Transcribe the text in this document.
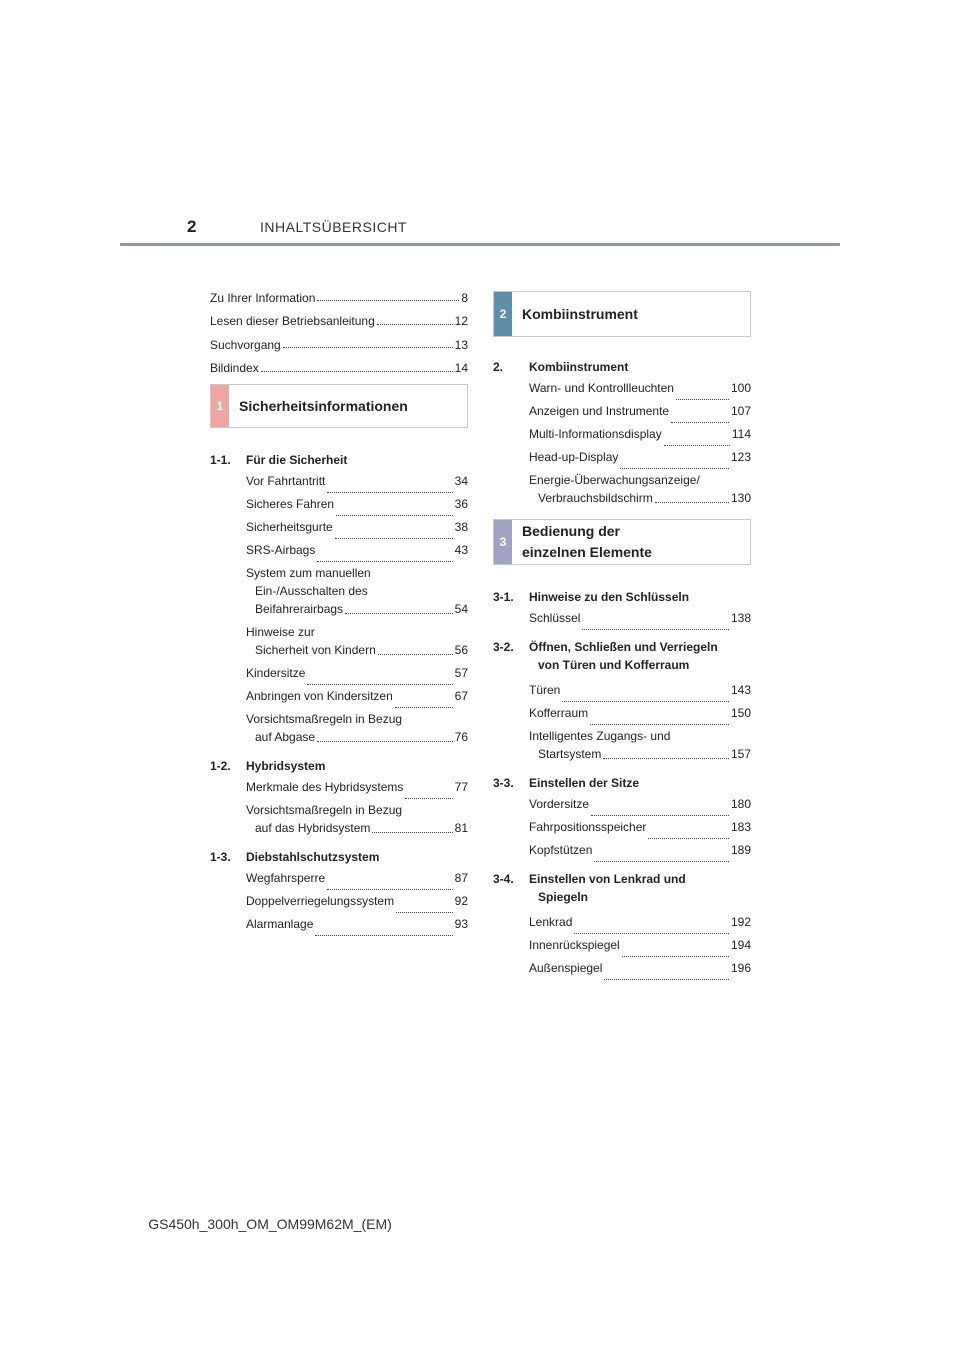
2	INHALTSÜBERSICHT
Zu Ihrer Information	8
Lesen dieser Betriebsanleitung	12
Suchvorgang	13
Bildindex	14
1	Sicherheitsinformationen
1-1.	Für die Sicherheit
Vor Fahrtantritt	34
Sicheres Fahren	36
Sicherheitsgurte	38
SRS-Airbags	43
System zum manuellen
Ein-/Ausschalten des
Beifahrerairbags	54
Hinweise zur
Sicherheit von Kindern	56
Kindersitze	57
Anbringen von Kindersitzen	67
Vorsichtsmaßregeln in Bezug
auf Abgase	76
1-2.	Hybridsystem
Merkmale des Hybridsystems	77
Vorsichtsmaßregeln in Bezug
auf das Hybridsystem	81
1-3.	Diebstahlschutzsystem
Wegfahrsperre	87
Doppelverriegelungssystem	92
Alarmanlage	93
2	Kombiinstrument
2.	Kombiinstrument
Warn- und Kontrollleuchten	100
Anzeigen und Instrumente	107
Multi-Informationsdisplay	114
Head-up-Display	123
Energie-Überwachungsanzeige/
Verbrauchsbildschirm	130
3
Bedienung der
einzelnen Elemente
3-1.	Hinweise zu den Schlüsseln
Schlüssel	138
3-2.	Öffnen, Schließen und Verriegeln
von Türen und Kofferraum
Türen	143
Kofferraum	150
Intelligentes Zugangs- und
Startsystem	157
3-3.	Einstellen der Sitze
Vordersitze	180
Fahrpositionsspeicher	183
Kopfstützen	189
3-4.	Einstellen von Lenkrad und
Spiegeln
Lenkrad	192
Innenrückspiegel	194
Außenspiegel	196
GS450h_300h_OM_OM99M62M_(EM)
